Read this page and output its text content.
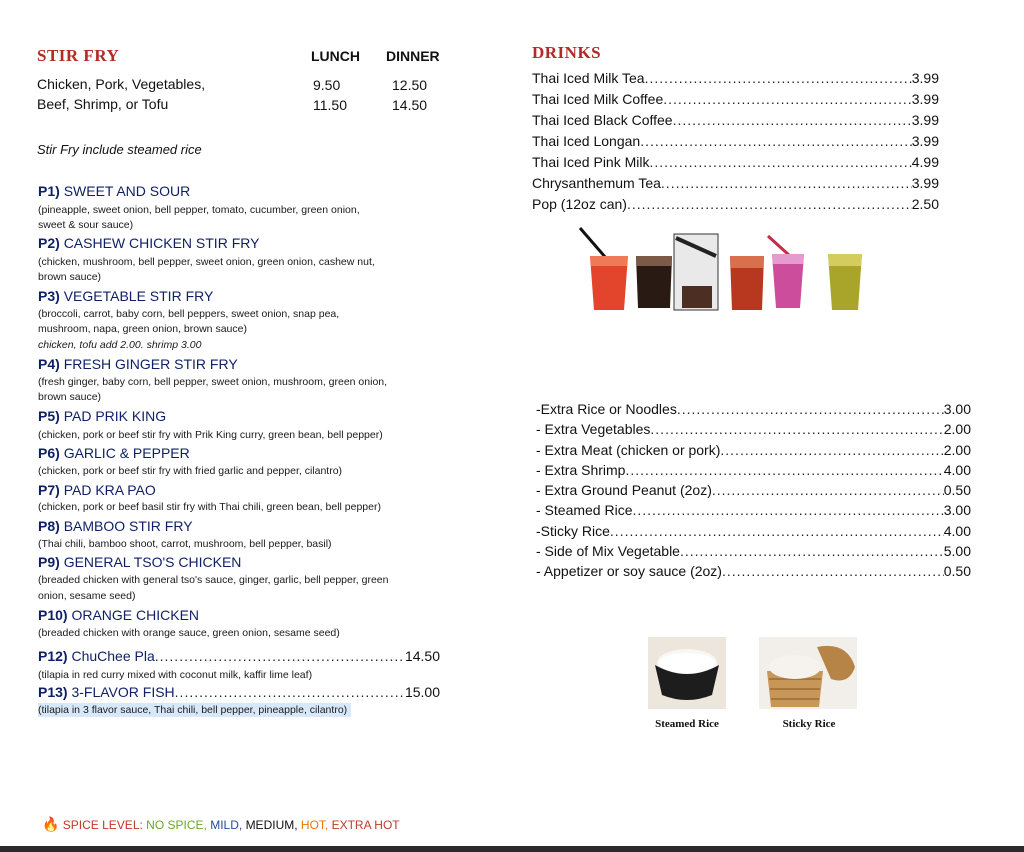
STIR FRY	LUNCH DINNER
Chicken, Pork, Vegetables,	9.50	12.50
Beef, Shrimp, or Tofu	11.50	14.50
Stir Fry include steamed rice
P1) SWEET AND SOUR
(pineapple, sweet onion, bell pepper, tomato, cucumber, green onion,
sweet & sour sauce)
P2) CASHEW CHICKEN STIR FRY
(chicken, mushroom, bell pepper, sweet onion, green onion, cashew nut,
brown sauce)
P3) VEGETABLE STIR FRY
(broccoli, carrot, baby corn, bell peppers, sweet onion, snap pea,
mushroom, napa, green onion, brown sauce)
chicken, tofu add 2.00. shrimp 3.00
P4) FRESH GINGER STIR FRY
(fresh ginger, baby corn, bell pepper, sweet onion, mushroom, green onion,
brown sauce)
P5) PAD PRIK KING
(chicken, pork or beef stir fry with Prik King curry, green bean, bell pepper)
P6) GARLIC & PEPPER
(chicken, pork or beef stir fry with fried garlic and pepper, cilantro)
P7) PAD KRA PAO
(chicken, pork or beef basil stir fry with Thai chili, green bean, bell pepper)
P8) BAMBOO STIR FRY
(Thai chili, bamboo shoot, carrot, mushroom, bell pepper, basil)
P9) GENERAL TSO'S CHICKEN
(breaded chicken with general tso's sauce, ginger, garlic, bell pepper, green
onion, sesame seed)
P10) ORANGE CHICKEN
(breaded chicken with orange sauce, green onion, sesame seed)
P12)
ChuChee Pla .....	14.50
(tilapia in red curry mixed with coconut milk, kaffir lime leaf)
P13)
3-FLAVOR FISH .....	15.00
(tilapia in 3 flavor sauce, Thai chili, bell pepper, pineapple, cilantro)
DRINKS
Thai Iced Milk Tea .....	3.99
Thai Iced Milk Coffee .....	3.99
Thai Iced Black Coffee .....	3.99
Thai Iced Longan .....	3.99
Thai Iced Pink Milk .....	4.99
Chrysanthemum Tea .....	3.99
Pop (12oz can) .....	2.50
-Extra Rice or Noodles .....	3.00
- Extra Vegetables .....	2.00
- Extra Meat (chicken or pork) .....	2.00
- Extra Shrimp .....	4.00
- Extra Ground Peanut (2oz) .....	0.50
- Steamed Rice .....	3.00
-Sticky Rice .....	4.00
- Side of Mix Vegetable .....	5.00
- Appetizer or soy sauce (2oz) .....	0.50
Steamed Rice	Sticky Rice
🔥 SPICE LEVEL: NO SPICE, MILD, MEDIUM, HOT, EXTRA HOT
